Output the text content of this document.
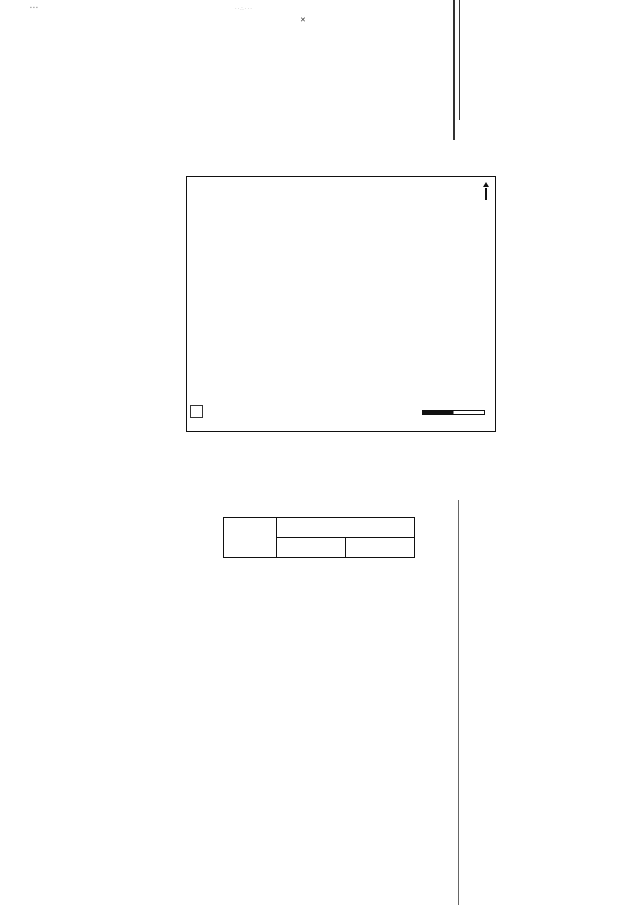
▪ ▪ ▪	· ∙ ∴ · ∙ ·
✕
